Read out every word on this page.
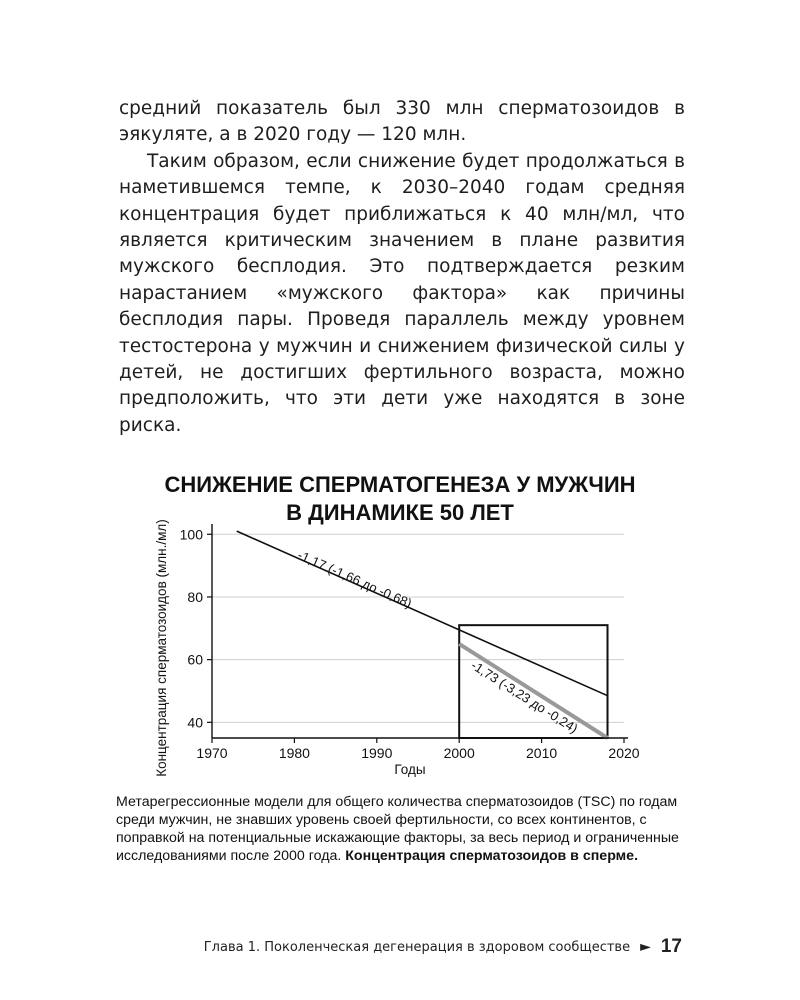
средний показатель был 330 млн сперматозоидов в эякуляте, а в 2020 году — 120 млн.

Таким образом, если снижение будет продолжаться в наметившемся темпе, к 2030–2040 годам средняя концентрация будет приближаться к 40 млн/мл, что является критическим значением в плане развития мужского бесплодия. Это подтверждается резким нарастанием «мужского фактора» как причины бесплодия пары. Проведя параллель между уровнем тестостерона у мужчин и снижением физической силы у детей, не достигших фертильного возраста, можно предположить, что эти дети уже находятся в зоне риска.

СНИЖЕНИЕ СПЕРМАТОГЕНЕЗА У МУЖЧИН
В ДИНАМИКЕ 50 ЛЕТ
40
60
80
100
1970	1980	1990	2000	2010	2020
Годы
Концентрация сперматозоидов (млн./мл)	-1,17 (-1,66 до -0,68)
-1,73 (-3,23 до -0,24)
Метарегрессионные модели для общего количества сперматозоидов (TSC) по годам среди мужчин, не знавших уровень своей фертильности, со всех континентов, с поправкой на потенциальные искажающие факторы, за весь период и ограниченные исследованиями после 2000 года. Концентрация сперматозоидов в сперме.
Глава 1. Поколенческая дегенерация в здоровом сообществе ► 17
